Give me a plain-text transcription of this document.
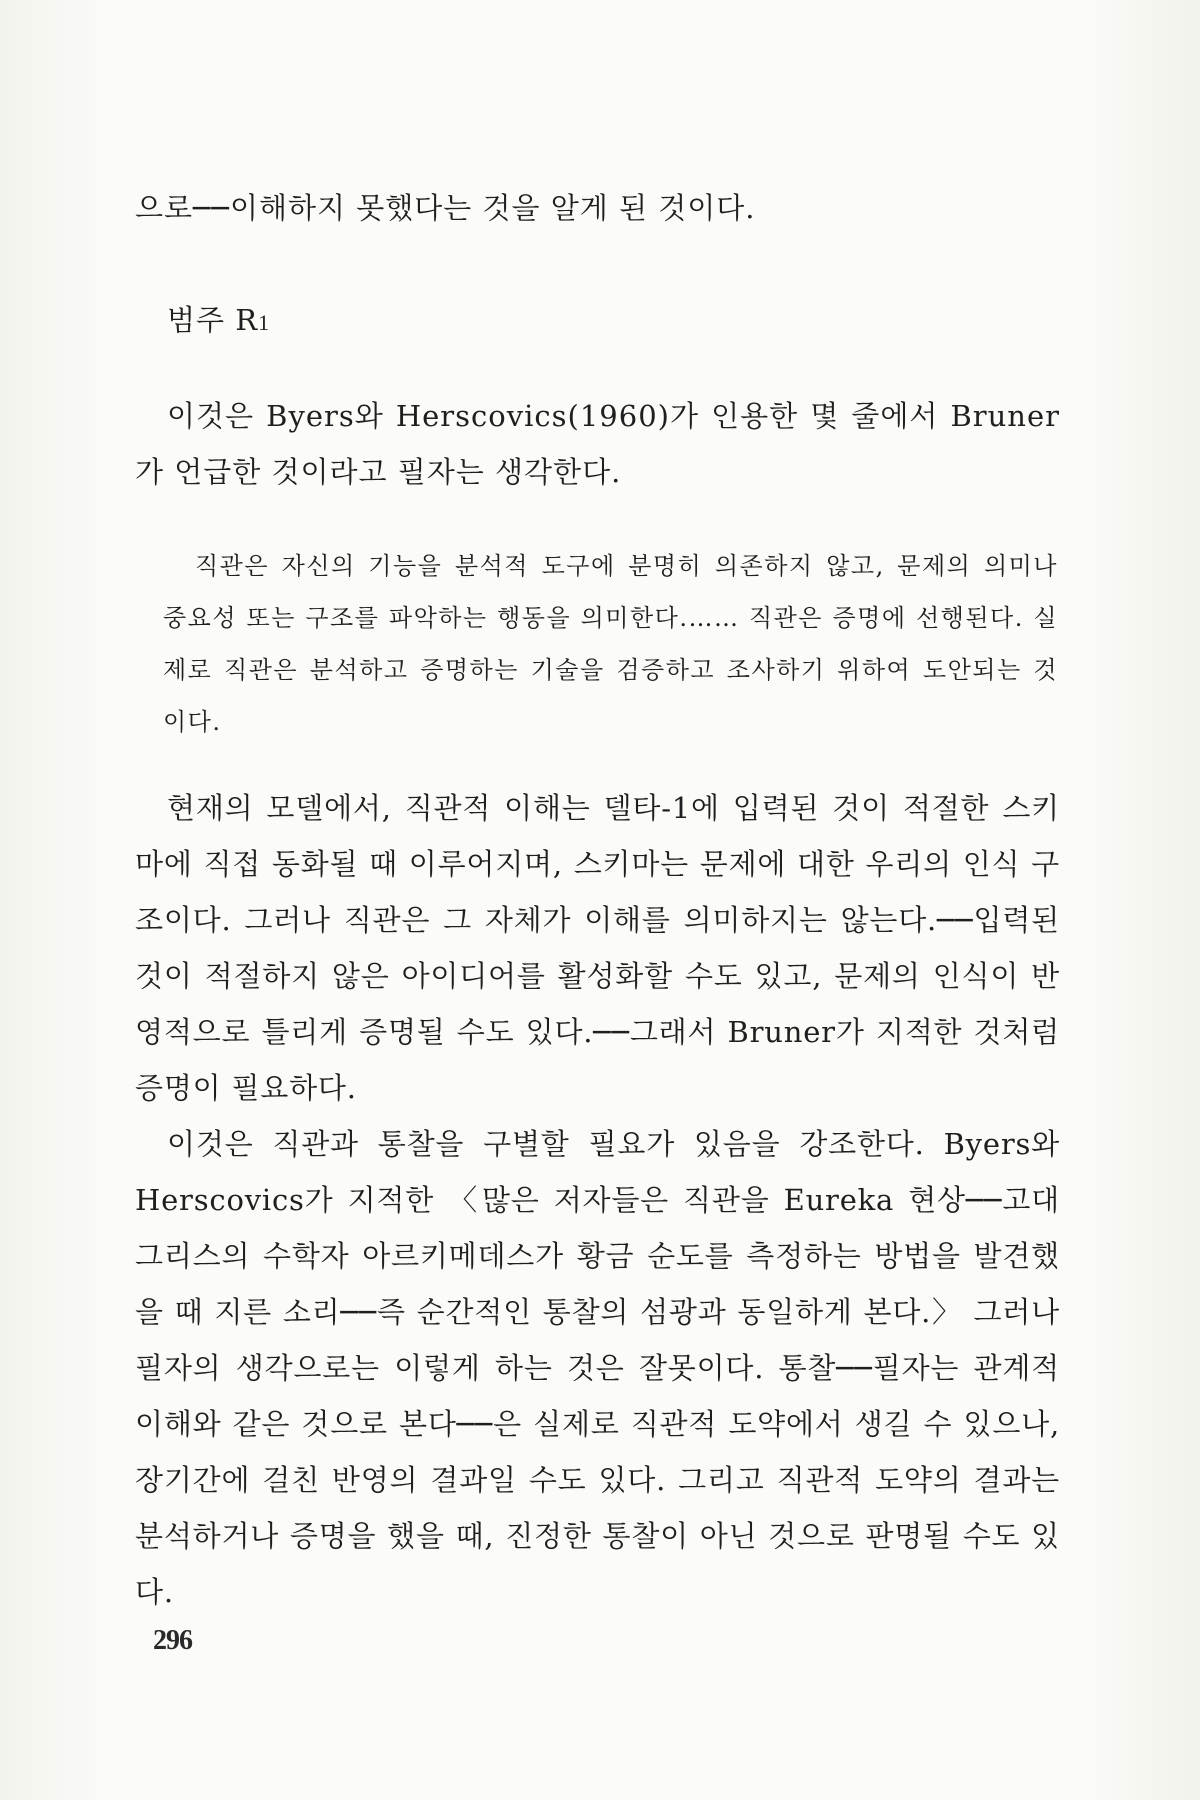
으로──이해하지 못했다는 것을 알게 된 것이다.

범주 R1

이것은 Byers와 Herscovics(1960)가 인용한 몇 줄에서 Bruner가 언급한 것이라고 필자는 생각한다.

직관은 자신의 기능을 분석적 도구에 분명히 의존하지 않고, 문제의 의미나 중요성 또는 구조를 파악하는 행동을 의미한다.…… 직관은 증명에 선행된다. 실제로 직관은 분석하고 증명하는 기술을 검증하고 조사하기 위하여 도안되는 것이다.

현재의 모델에서, 직관적 이해는 델타-1에 입력된 것이 적절한 스키마에 직접 동화될 때 이루어지며, 스키마는 문제에 대한 우리의 인식 구조이다. 그러나 직관은 그 자체가 이해를 의미하지는 않는다.──입력된 것이 적절하지 않은 아이디어를 활성화할 수도 있고, 문제의 인식이 반영적으로 틀리게 증명될 수도 있다.──그래서 Bruner가 지적한 것처럼 증명이 필요하다.

이것은 직관과 통찰을 구별할 필요가 있음을 강조한다. Byers와 Herscovics가 지적한 〈많은 저자들은 직관을 Eureka 현상──고대 그리스의 수학자 아르키메데스가 황금 순도를 측정하는 방법을 발견했을 때 지른 소리──즉 순간적인 통찰의 섬광과 동일하게 본다.〉 그러나 필자의 생각으로는 이렇게 하는 것은 잘못이다. 통찰──필자는 관계적 이해와 같은 것으로 본다──은 실제로 직관적 도약에서 생길 수 있으나, 장기간에 걸친 반영의 결과일 수도 있다. 그리고 직관적 도약의 결과는 분석하거나 증명을 했을 때, 진정한 통찰이 아닌 것으로 판명될 수도 있다.

296
